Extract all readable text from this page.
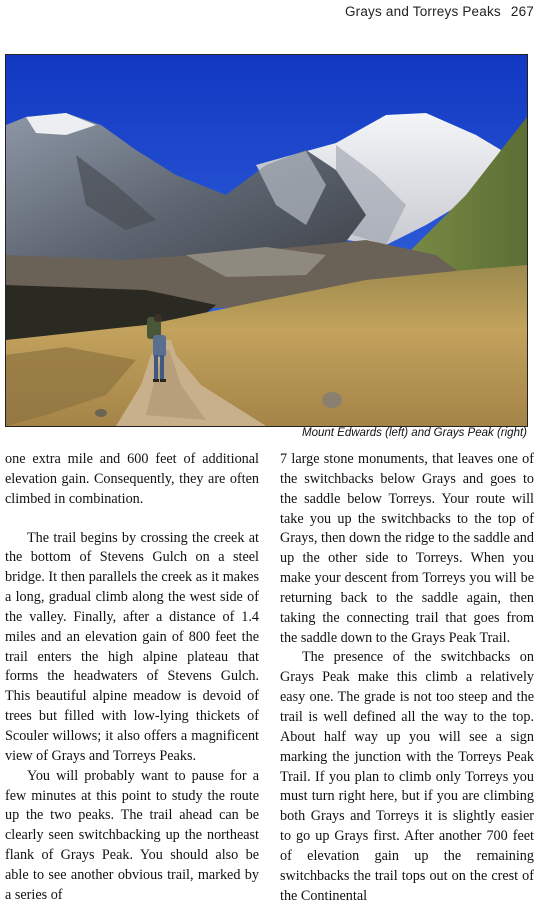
Grays and Torreys Peaks 267
Mount Edwards (left) and Grays Peak (right)

one extra mile and 600 feet of additional elevation gain. Consequently, they are often climbed in combination.

The trail begins by crossing the creek at the bottom of Stevens Gulch on a steel bridge. It then parallels the creek as it makes a long, gradual climb along the west side of the valley. Finally, after a distance of 1.4 miles and an elevation gain of 800 feet the trail enters the high alpine plateau that forms the headwaters of Stevens Gulch. This beautiful alpine meadow is devoid of trees but filled with low-lying thickets of Scouler willows; it also offers a magnificent view of Grays and Torreys Peaks.

You will probably want to pause for a few minutes at this point to study the route up the two peaks. The trail ahead can be clearly seen switchbacking up the northeast flank of Grays Peak. You should also be able to see another obvious trail, marked by a series of

7 large stone monuments, that leaves one of the switchbacks below Grays and goes to the saddle below Torreys. Your route will take you up the switchbacks to the top of Grays, then down the ridge to the saddle and up the other side to Torreys. When you make your descent from Torreys you will be returning back to the saddle again, then taking the connecting trail that goes from the saddle down to the Grays Peak Trail.

The presence of the switchbacks on Grays Peak make this climb a relatively easy one. The grade is not too steep and the trail is well defined all the way to the top. About half way up you will see a sign marking the junction with the Torreys Peak Trail. If you plan to climb only Torreys you must turn right here, but if you are climbing both Grays and Torreys it is slightly easier to go up Grays first. After another 700 feet of elevation gain up the remaining switchbacks the trail tops out on the crest of the Continental
